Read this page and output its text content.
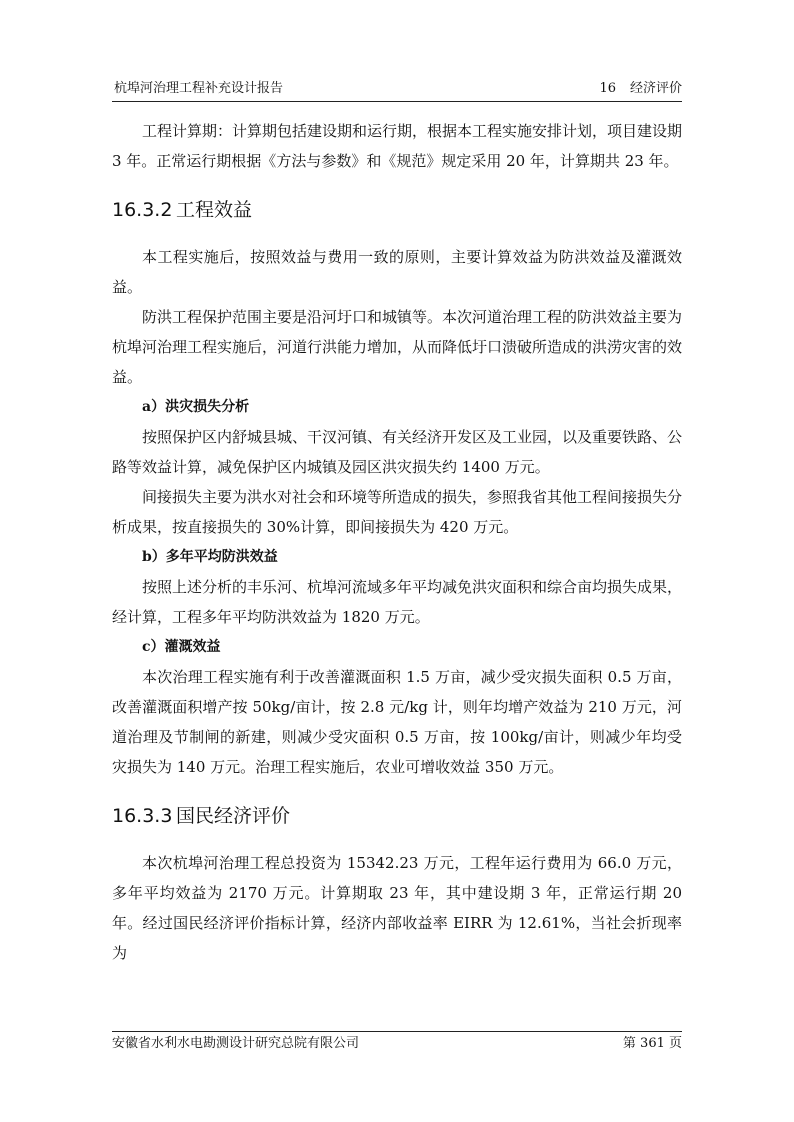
杭埠河治理工程补充设计报告	16 经济评价

工程计算期：计算期包括建设期和运行期，根据本工程实施安排计划，项目建设期 3 年。正常运行期根据《方法与参数》和《规范》规定采用 20 年，计算期共 23 年。

16.3.2 工程效益

本工程实施后，按照效益与费用一致的原则，主要计算效益为防洪效益及灌溉效益。

防洪工程保护范围主要是沿河圩口和城镇等。本次河道治理工程的防洪效益主要为杭埠河治理工程实施后，河道行洪能力增加，从而降低圩口溃破所造成的洪涝灾害的效益。

a）洪灾损失分析

按照保护区内舒城县城、干汊河镇、有关经济开发区及工业园，以及重要铁路、公路等效益计算，减免保护区内城镇及园区洪灾损失约 1400 万元。

间接损失主要为洪水对社会和环境等所造成的损失，参照我省其他工程间接损失分析成果，按直接损失的 30%计算，即间接损失为 420 万元。

b）多年平均防洪效益

按照上述分析的丰乐河、杭埠河流域多年平均减免洪灾面积和综合亩均损失成果，经计算，工程多年平均防洪效益为 1820 万元。

c）灌溉效益

本次治理工程实施有利于改善灌溉面积 1.5 万亩，减少受灾损失面积 0.5 万亩，改善灌溉面积增产按 50kg/亩计，按 2.8 元/kg 计，则年均增产效益为 210 万元，河道治理及节制闸的新建，则减少受灾面积 0.5 万亩，按 100kg/亩计，则减少年均受灾损失为 140 万元。治理工程实施后，农业可增收效益 350 万元。

16.3.3 国民经济评价

本次杭埠河治理工程总投资为 15342.23 万元，工程年运行费用为 66.0 万元，多年平均效益为 2170 万元。计算期取 23 年，其中建设期 3 年，正常运行期 20 年。经过国民经济评价指标计算，经济内部收益率 EIRR 为 12.61%，当社会折现率为

安徽省水利水电勘测设计研究总院有限公司	第 361 页
